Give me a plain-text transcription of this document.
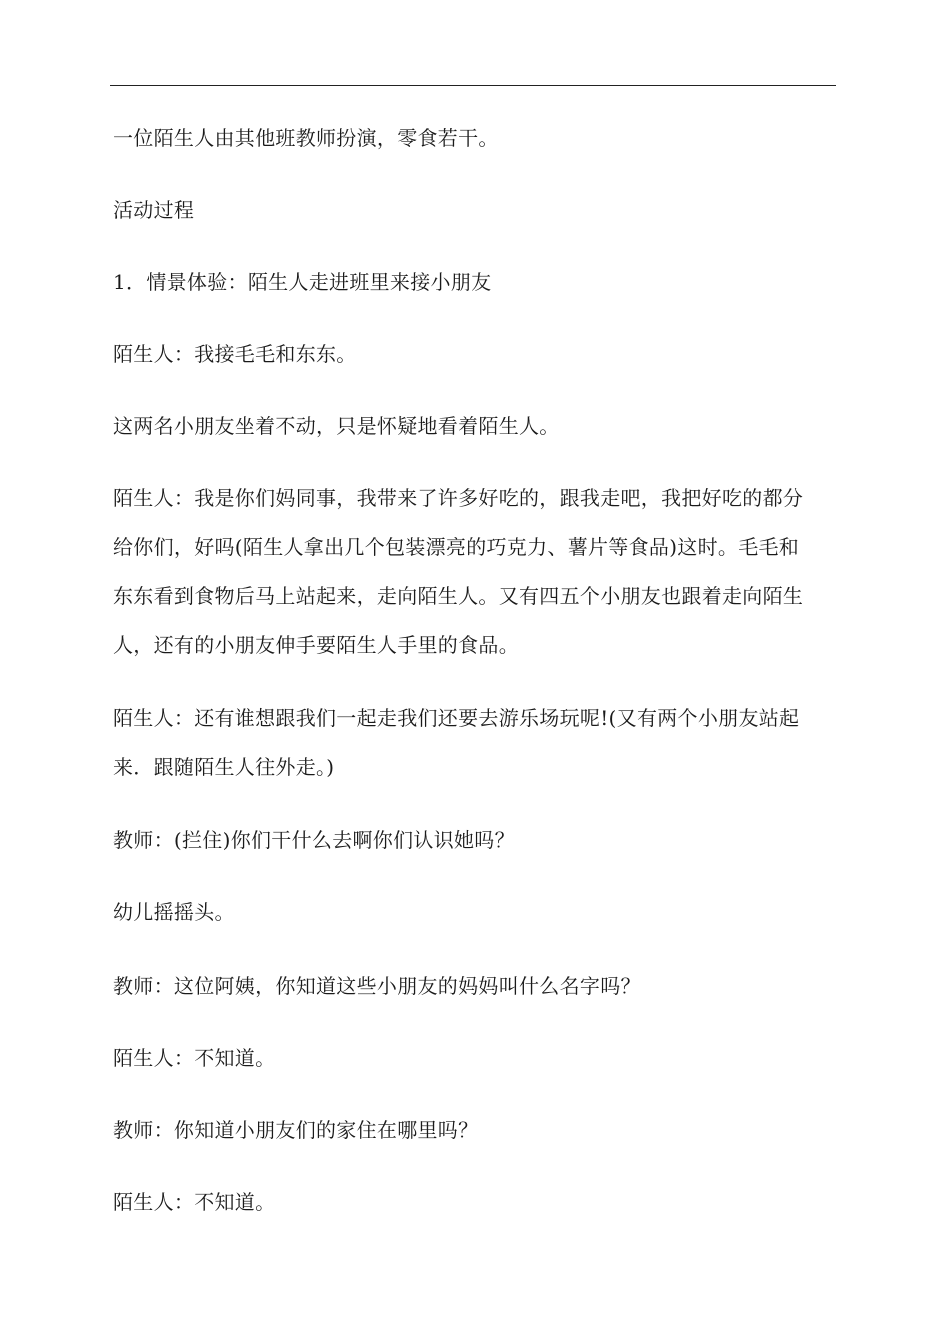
一位陌生人由其他班教师扮演，零食若干。

活动过程

1．情景体验：陌生人走进班里来接小朋友

陌生人：我接毛毛和东东。

这两名小朋友坐着不动，只是怀疑地看着陌生人。

陌生人：我是你们妈同事，我带来了许多好吃的，跟我走吧，我把好吃的都分
给你们，好吗(陌生人拿出几个包装漂亮的巧克力、薯片等食品)这时。毛毛和
东东看到食物后马上站起来，走向陌生人。又有四五个小朋友也跟着走向陌生
人，还有的小朋友伸手要陌生人手里的食品。

陌生人：还有谁想跟我们一起走我们还要去游乐场玩呢!(又有两个小朋友站起
来．跟随陌生人往外走。)

教师：(拦住)你们干什么去啊你们认识她吗？

幼儿摇摇头。

教师：这位阿姨，你知道这些小朋友的妈妈叫什么名字吗？

陌生人：不知道。

教师：你知道小朋友们的家住在哪里吗？

陌生人：不知道。
